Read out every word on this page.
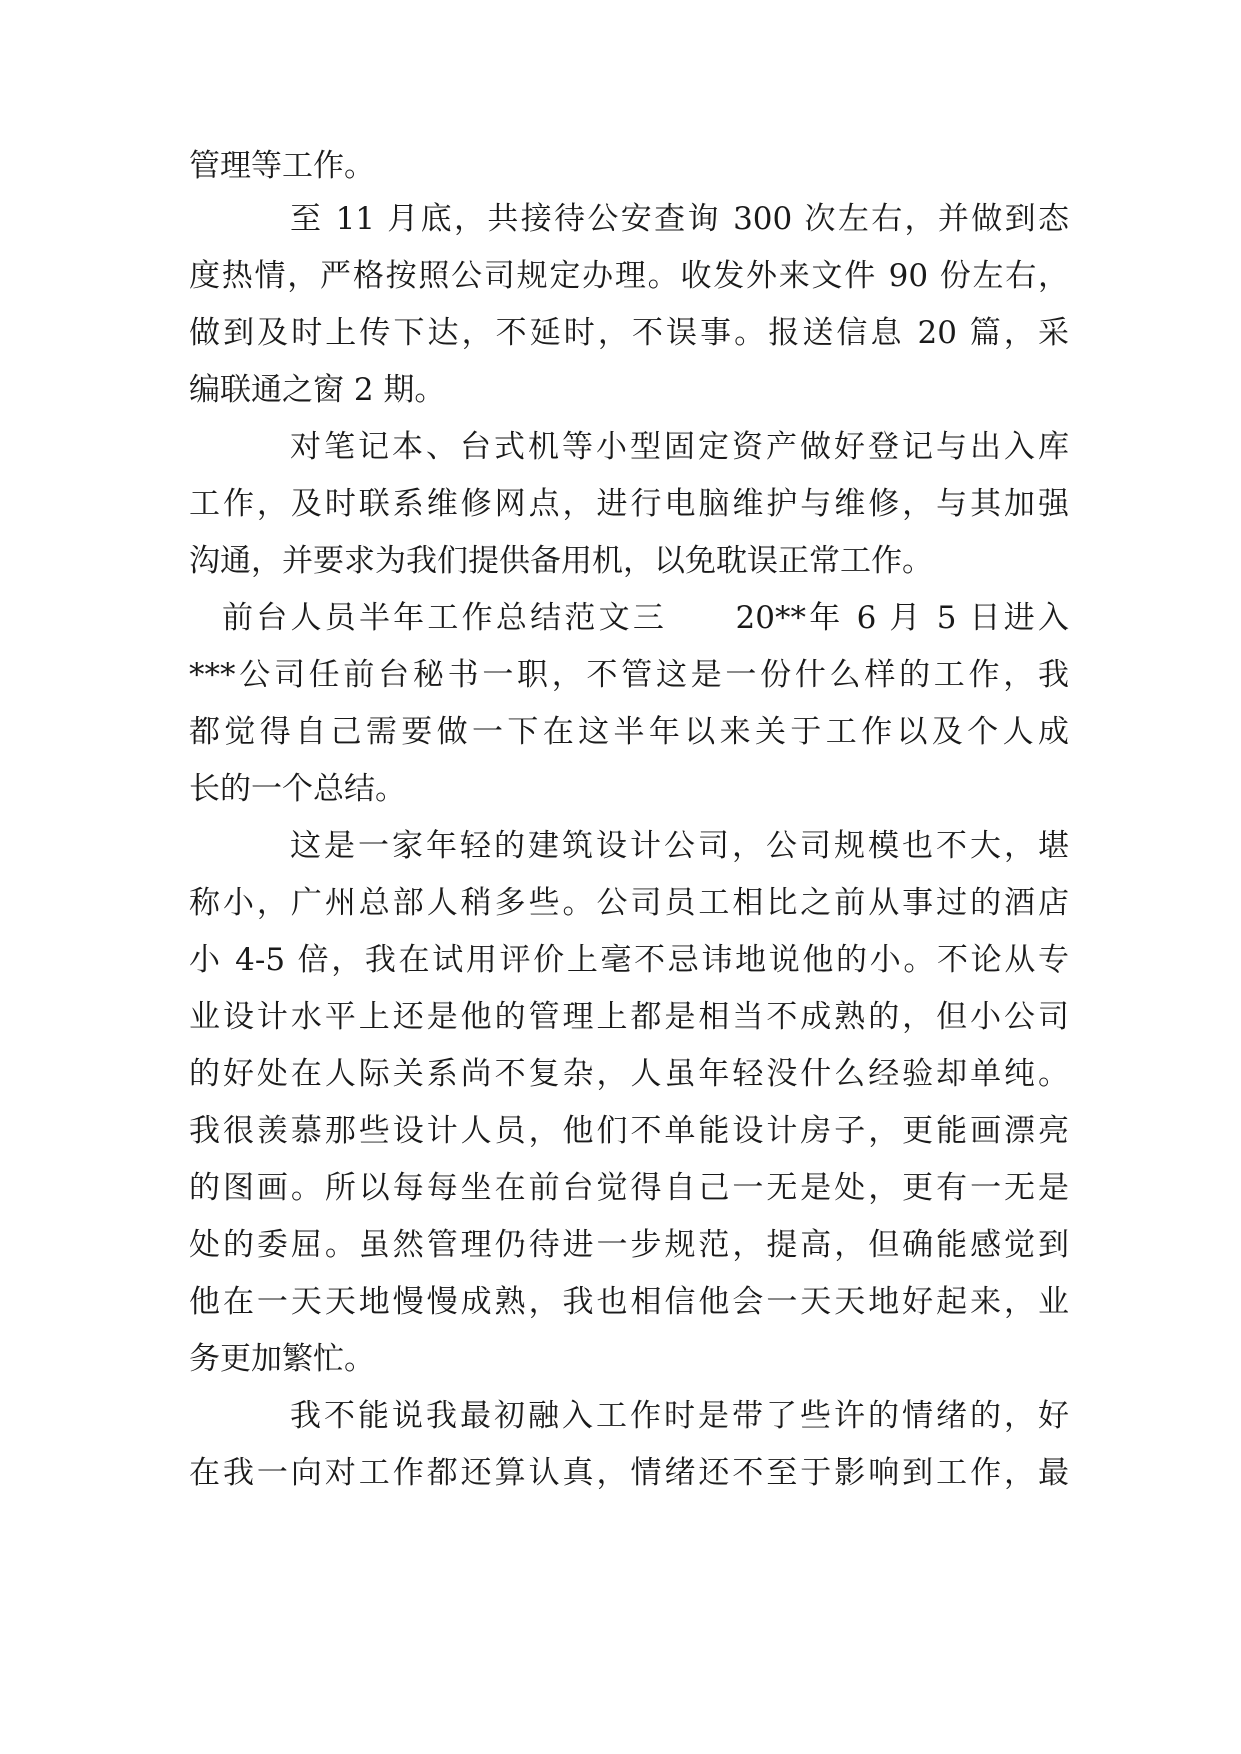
管理等工作。
至 11 月底，共接待公安查询 300 次左右，并做到态
度热情，严格按照公司规定办理。收发外来文件 90 份左右，
做到及时上传下达，不延时，不误事。报送信息 20 篇，采
编联通之窗 2 期。
对笔记本、台式机等小型固定资产做好登记与出入库
工作，及时联系维修网点，进行电脑维护与维修，与其加强
沟通，并要求为我们提供备用机，以免耽误正常工作。
前台人员半年工作总结范文三　　20**年 6 月 5 日进入
***公司任前台秘书一职，不管这是一份什么样的工作，我
都觉得自己需要做一下在这半年以来关于工作以及个人成
长的一个总结。
这是一家年轻的建筑设计公司，公司规模也不大，堪
称小，广州总部人稍多些。公司员工相比之前从事过的酒店
小 4-5 倍，我在试用评价上毫不忌讳地说他的小。不论从专
业设计水平上还是他的管理上都是相当不成熟的，但小公司
的好处在人际关系尚不复杂，人虽年轻没什么经验却单纯。
我很羡慕那些设计人员，他们不单能设计房子，更能画漂亮
的图画。所以每每坐在前台觉得自己一无是处，更有一无是
处的委屈。虽然管理仍待进一步规范，提高，但确能感觉到
他在一天天地慢慢成熟，我也相信他会一天天地好起来，业
务更加繁忙。
我不能说我最初融入工作时是带了些许的情绪的，好
在我一向对工作都还算认真，情绪还不至于影响到工作，最
